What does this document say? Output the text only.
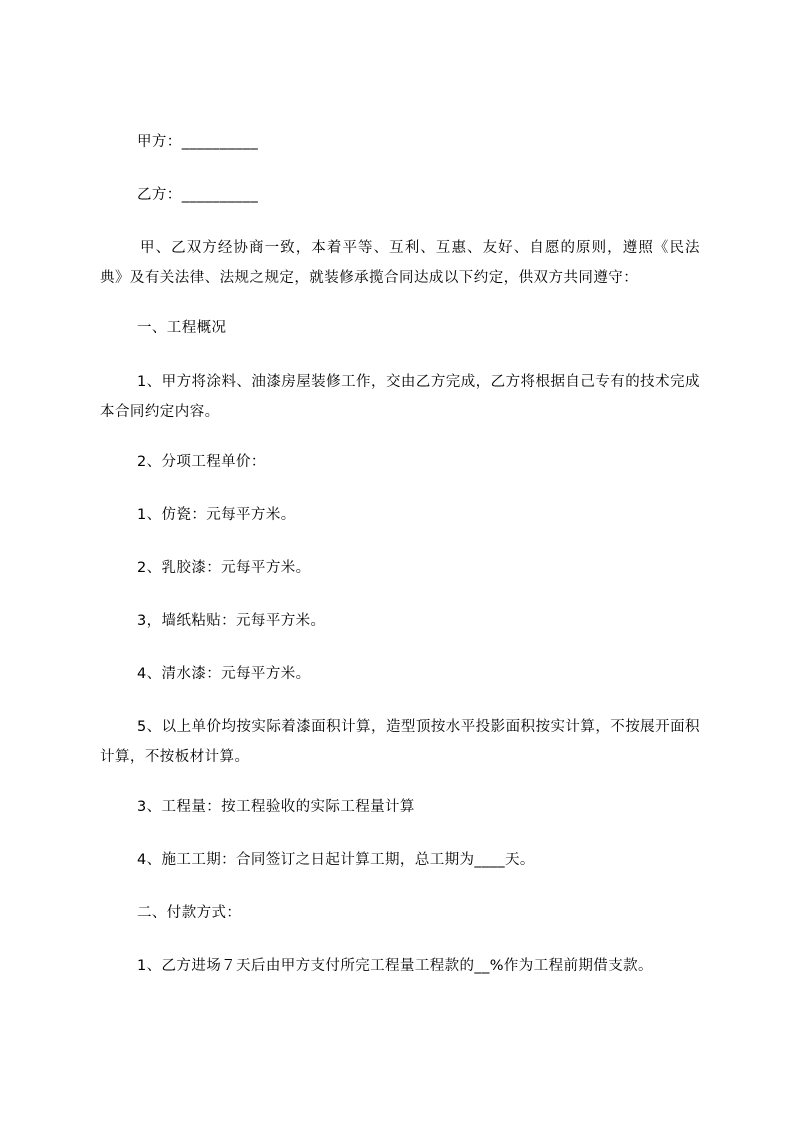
甲方：__________
乙方：__________
甲、乙双方经协商一致，本着平等、互利、互惠、友好、自愿的原则，遵照《民法典》及有关法律、法规之规定，就装修承揽合同达成以下约定，供双方共同遵守：
一、工程概况
1、甲方将涂料、油漆房屋装修工作，交由乙方完成，乙方将根据自己专有的技术完成本合同约定内容。
2、分项工程单价：
1、仿瓷：元每平方米。
2、乳胶漆：元每平方米。
3，墙纸粘贴：元每平方米。
4、清水漆：元每平方米。
5、以上单价均按实际着漆面积计算，造型顶按水平投影面积按实计算，不按展开面积计算，不按板材计算。
3、工程量：按工程验收的实际工程量计算
4、施工工期：合同签订之日起计算工期，总工期为____天。
二、付款方式：
1、乙方进场７天后由甲方支付所完工程量工程款的__%作为工程前期借支款。
